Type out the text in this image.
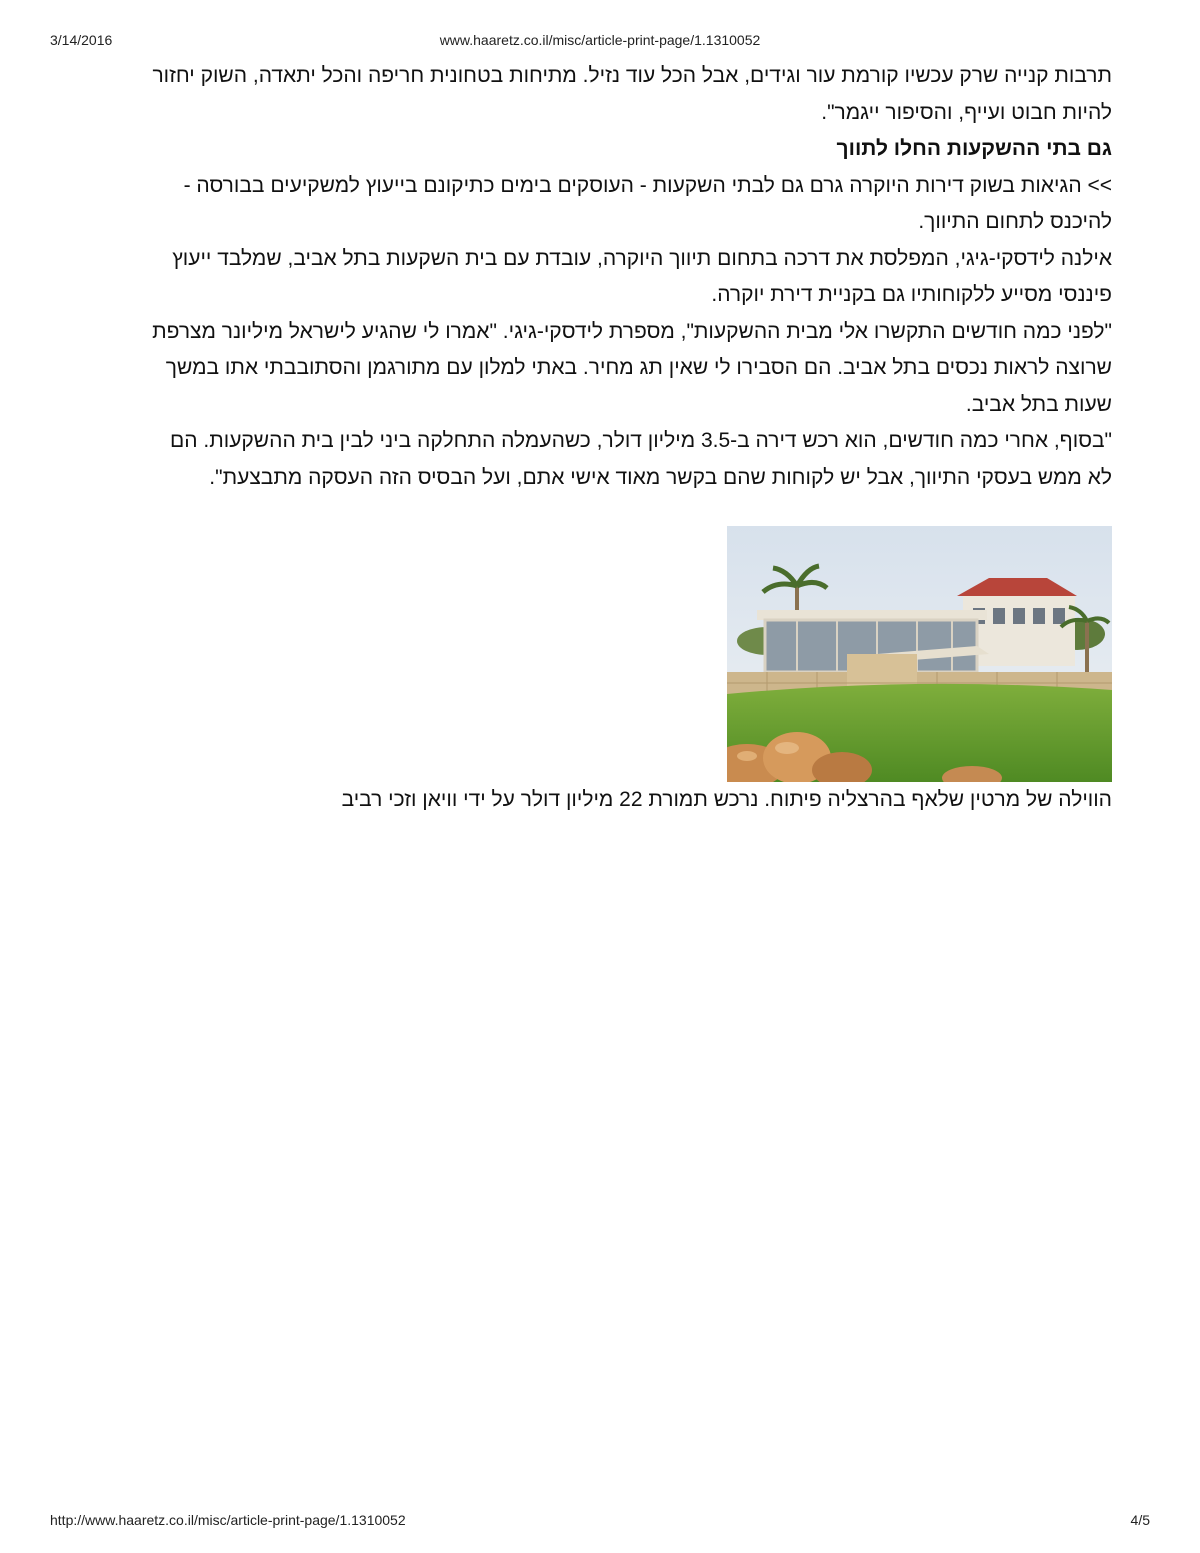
3/14/2016	www.haaretz.co.il/misc/article-print-page/1.1310052

תרבות קנייה שרק עכשיו קורמת עור וגידים, אבל הכל עוד נזיל. מתיחות בטחונית חריפה והכל יתאדה, השוק יחזור להיות חבוט ועייף, והסיפור ייגמר".

גם בתי ההשקעות החלו לתווך

>> הגיאות בשוק דירות היוקרה גרם גם לבתי השקעות - העוסקים בימים כתיקונם בייעוץ למשקיעים בבורסה - להיכנס לתחום התיווך.

אילנה לידסקי-גיגי, המפלסת את דרכה בתחום תיווך היוקרה, עובדת עם בית השקעות בתל אביב, שמלבד ייעוץ פיננסי מסייע ללקוחותיו גם בקניית דירת יוקרה.

"לפני כמה חודשים התקשרו אלי מבית ההשקעות", מספרת לידסקי-גיגי. "אמרו לי שהגיע לישראל מיליונר מצרפת שרוצה לראות נכסים בתל אביב. הם הסבירו לי שאין תג מחיר. באתי למלון עם מתורגמן והסתובבתי אתו במשך שעות בתל אביב.

"בסוף, אחרי כמה חודשים, הוא רכש דירה ב-3.5 מיליון דולר, כשהעמלה התחלקה ביני לבין בית ההשקעות. הם לא ממש בעסקי התיווך, אבל יש לקוחות שהם בקשר מאוד אישי אתם, ועל הבסיס הזה העסקה מתבצעת".

הווילה של מרטין שלאף בהרצליה פיתוח. נרכש תמורת 22 מיליון דולר על ידי וויאן וזכי רביב

http://www.haaretz.co.il/misc/article-print-page/1.1310052	4/5
